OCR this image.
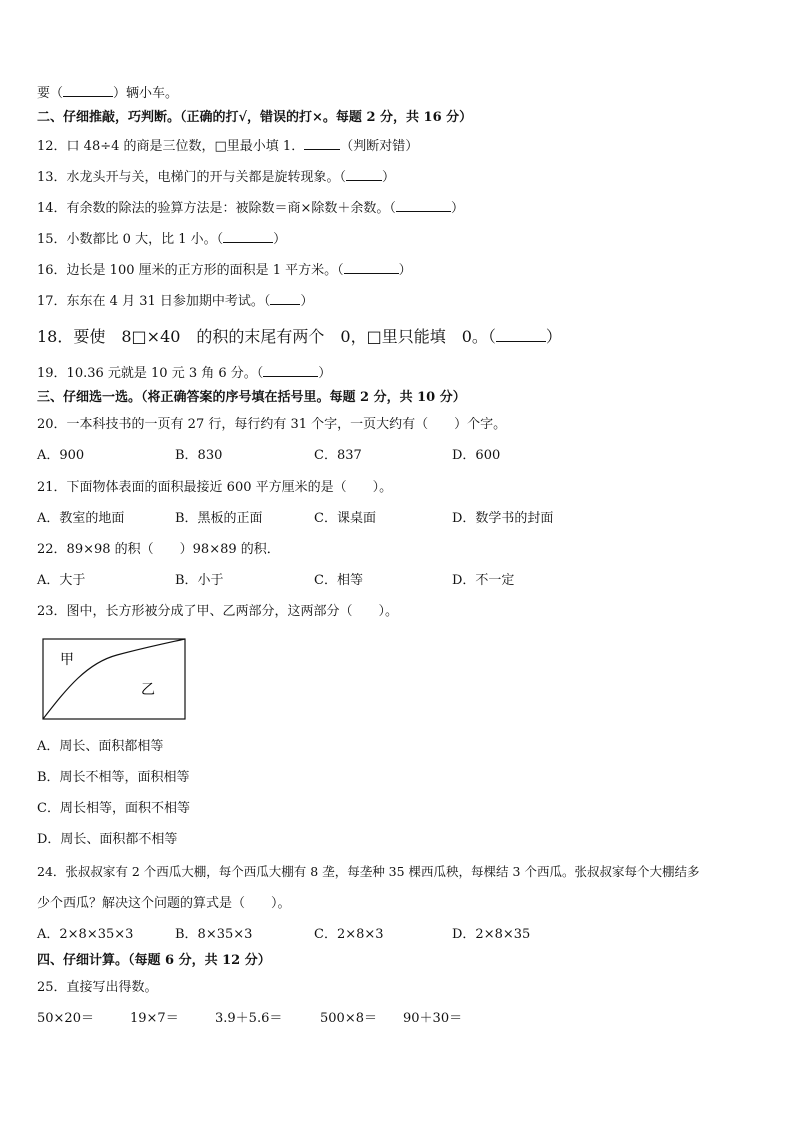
要（	）辆小车。
二、仔细推敲，巧判断。（正确的打√，错误的打×。每题 2 分，共 16 分）
12．口 48÷4 的商是三位数，□里最小填 1．	（判断对错）
13．水龙头开与关，电梯门的开与关都是旋转现象。（	）
14．有余数的除法的验算方法是：被除数＝商×除数＋余数。（	）
15．小数都比 0 大，比 1 小。（	）
16．边长是 100 厘米的正方形的面积是 1 平方米。（	）
17．东东在 4 月 31 日参加期中考试。（ ）
18．要使　8□×40　的积的末尾有两个　0，□里只能填　0。（	）
19．10.36 元就是 10 元 3 角 6 分。（	）
三、仔细选一选。（将正确答案的序号填在括号里。每题 2 分，共 10 分）
20．一本科技书的一页有 27 行，每行约有 31 个字，一页大约有（　　）个字。
A．900	B．830	C．837	D．600
21．下面物体表面的面积最接近 600 平方厘米的是（　　）。
A．教室的地面	B．黑板的正面	C．课桌面	D．数学书的封面
22．89×98 的积（　　）98×89 的积．
A．大于	B．小于	C．相等	D．不一定
23．图中，长方形被分成了甲、乙两部分，这两部分（　　）。
甲
乙
A．周长、面积都相等
B．周长不相等，面积相等
C．周长相等，面积不相等
D．周长、面积都不相等
24．张叔叔家有 2 个西瓜大棚，每个西瓜大棚有 8 垄，每垄种 35 棵西瓜秧，每棵结 3 个西瓜。张叔叔家每个大棚结多
少个西瓜？解决这个问题的算式是（　　）。
A．2×8×35×3	B．8×35×3	C．2×8×3	D．2×8×35
四、仔细计算。（每题 6 分，共 12 分）
25．直接写出得数。
50×20＝	19×7＝	3.9＋5.6＝	500×8＝ 90＋30＝
